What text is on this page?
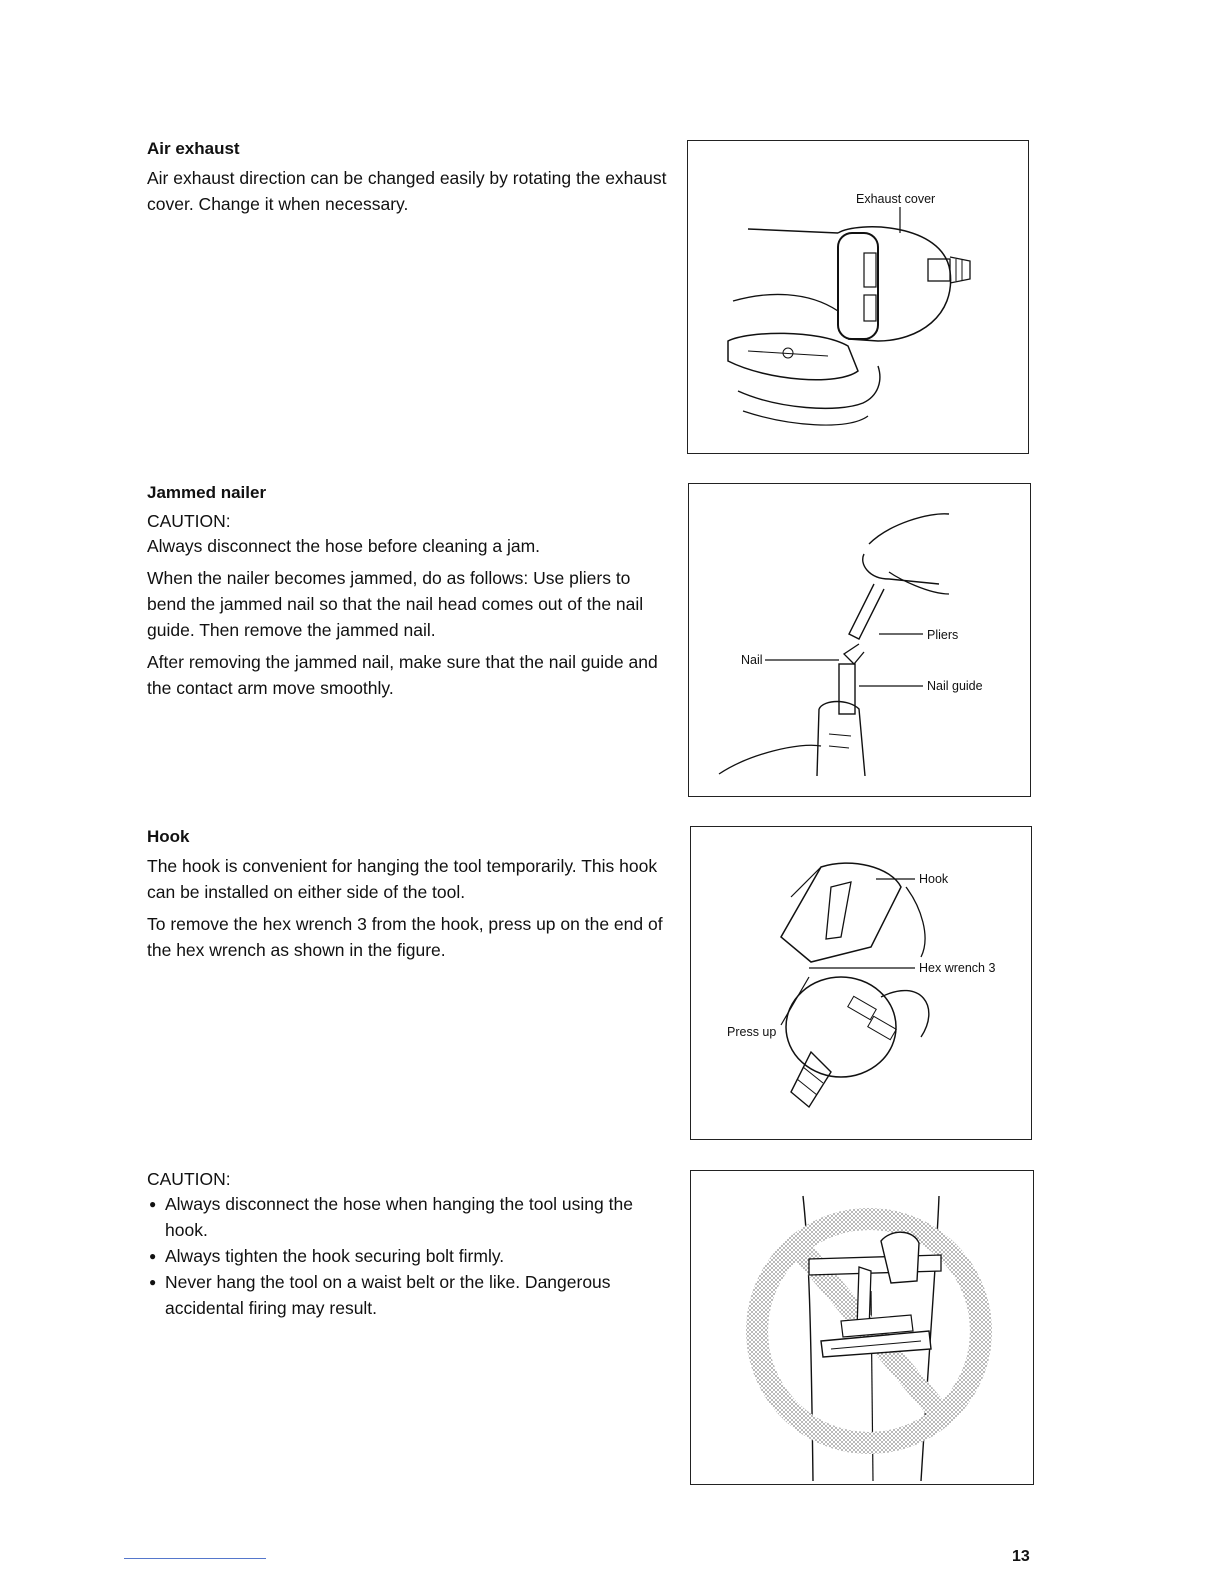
Air exhaust

Air exhaust direction can be changed easily by rotating the exhaust cover. Change it when necessary.

Jammed nailer

CAUTION:

Always disconnect the hose before cleaning a jam.

When the nailer becomes jammed, do as follows: Use pliers to bend the jammed nail so that the nail head comes out of the nail guide. Then remove the jammed nail.

After removing the jammed nail, make sure that the nail guide and the contact arm move smoothly.

Hook

The hook is convenient for hanging the tool temporarily. This hook can be installed on either side of the tool.

To remove the hex wrench 3 from the hook, press up on the end of the hex wrench as shown in the figure.

CAUTION:

● Always disconnect the hose when hanging the tool using the hook.
● Always tighten the hook securing bolt firmly.
● Never hang the tool on a waist belt or the like. Dangerous accidental firing may result.
Exhaust cover
Nail
Pliers
Nail guide
Hook
Hex wrench 3
Press up
13
